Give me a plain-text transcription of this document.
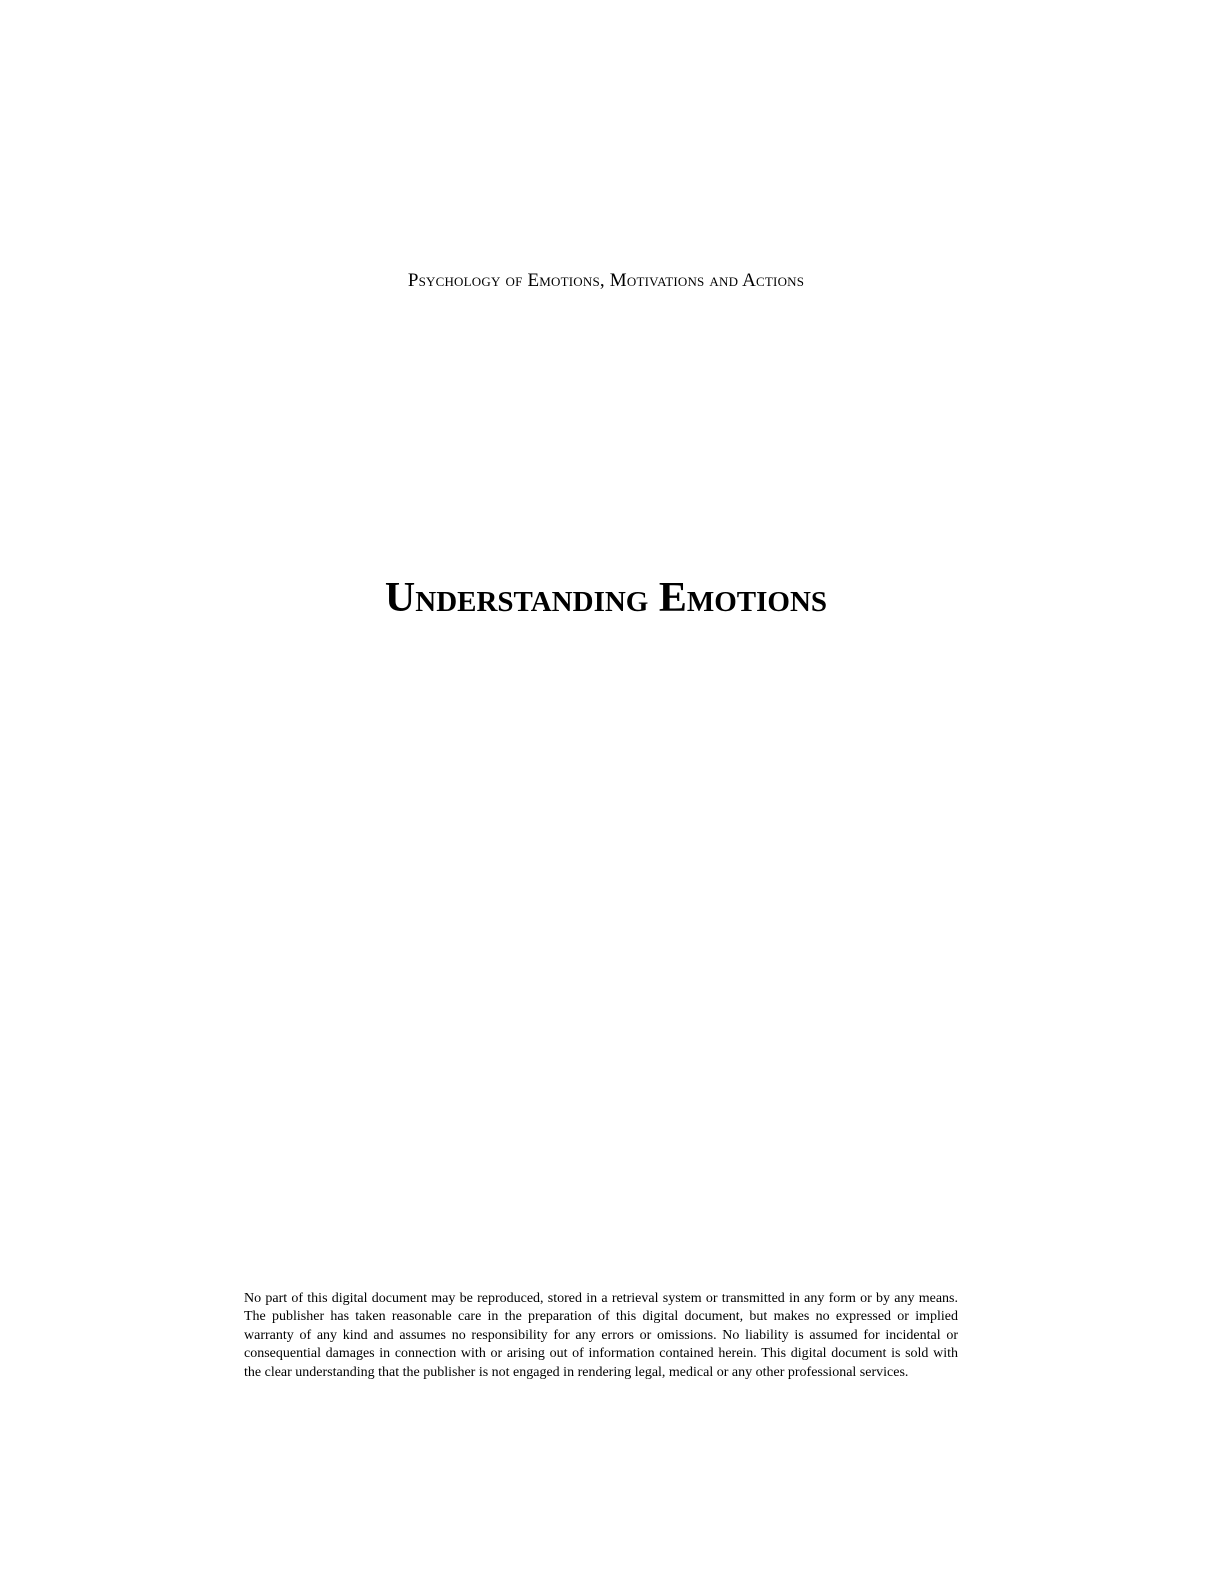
Psychology of Emotions, Motivations and Actions
Understanding Emotions
No part of this digital document may be reproduced, stored in a retrieval system or transmitted in any form or by any means. The publisher has taken reasonable care in the preparation of this digital document, but makes no expressed or implied warranty of any kind and assumes no responsibility for any errors or omissions. No liability is assumed for incidental or consequential damages in connection with or arising out of information contained herein. This digital document is sold with the clear understanding that the publisher is not engaged in rendering legal, medical or any other professional services.
